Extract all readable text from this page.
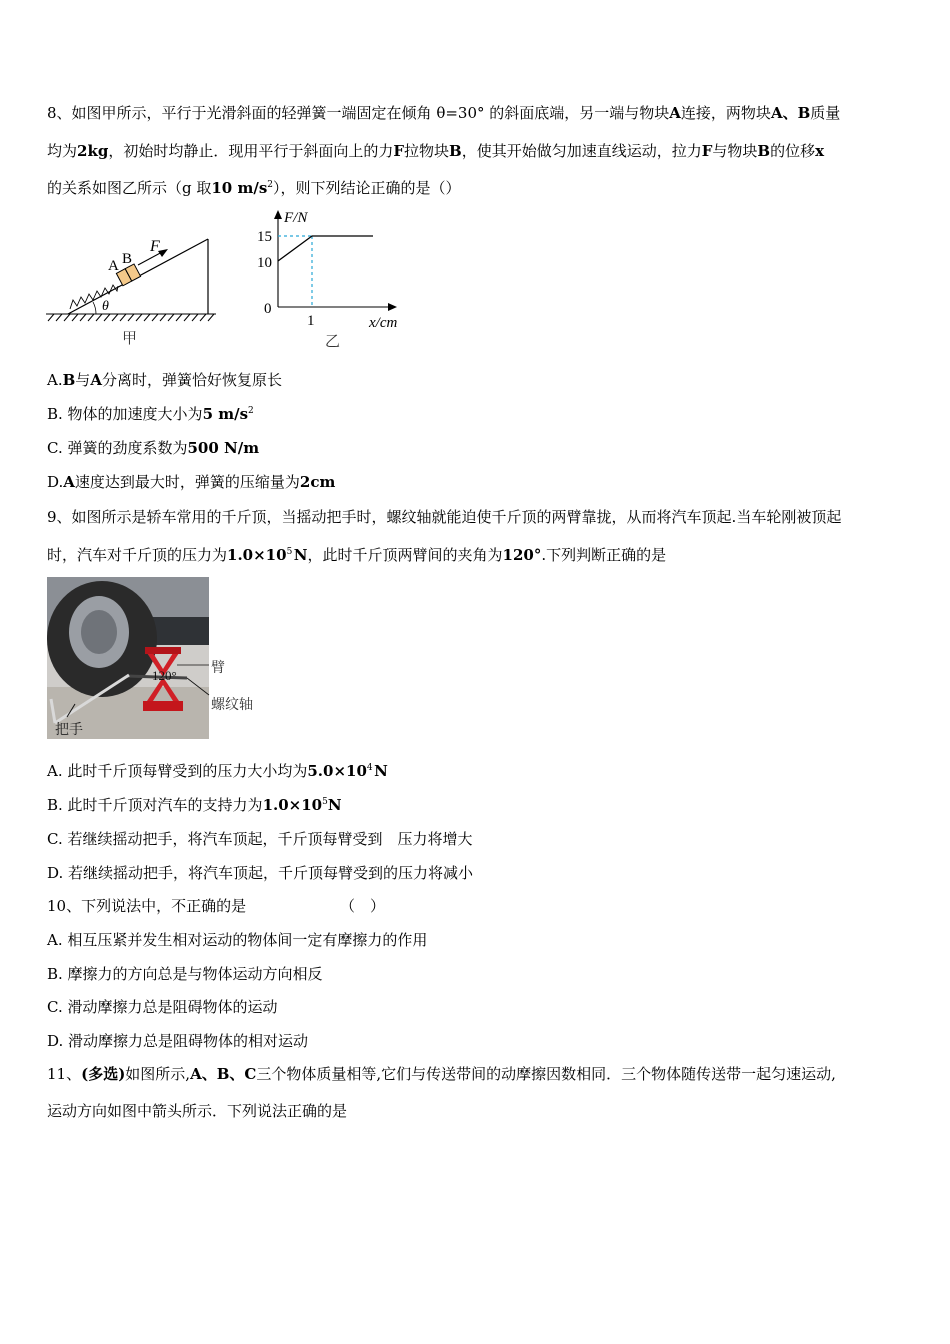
8、如图甲所示，平行于光滑斜面的轻弹簧一端固定在倾角 θ=30° 的斜面底端，另一端与物块A连接，两物块A、B质量
均为2kg，初始时均静止．现用平行于斜面向上的力F拉物块B，使其开始做匀加速直线运动，拉力F与物块B的位移x
的关系如图乙所示（g 取10 $m/s^2$），则下列结论正确的是（）
θ
A B
F
甲
F/N
x/cm
15
10
0
1
乙
A.B与A分离时，弹簧恰好恢复原长
B. 物体的加速度大小为5 $m/s^2$
C. 弹簧的劲度系数为500 N/m
D.A速度达到最大时，弹簧的压缩量为2cm
9、如图所示是轿车常用的千斤顶，当摇动把手时，螺纹轴就能迫使千斤顶的两臂靠拢，从而将汽车顶起.当车轮刚被顶起
时，汽车对千斤顶的压力为$1.0\times 10^5$  N，此时千斤顶两臂间的夹角为120°.下列判断正确的是
120° 臂
螺纹轴
把手
A. 此时千斤顶每臂受到的压力大小均为$5.0\times 10^4$  N
B. 此时千斤顶对汽车的支持力为$1.0\times 10^5N$
C. 若继续摇动把手，将汽车顶起，千斤顶每臂受到　压力将增大
D. 若继续摇动把手，将汽车顶起，千斤顶每臂受到的压力将减小
10、下列说法中，不正确的是	（　）
A. 相互压紧并发生相对运动的物体间一定有摩擦力的作用
B. 摩擦力的方向总是与物体运动方向相反
C. 滑动摩擦力总是阻碍物体的运动
D. 滑动摩擦力总是阻碍物体的相对运动
11、(多选)如图所示,A、B、C三个物体质量相等,它们与传送带间的动摩擦因数相同．三个物体随传送带一起匀速运动,
运动方向如图中箭头所示．下列说法正确的是
